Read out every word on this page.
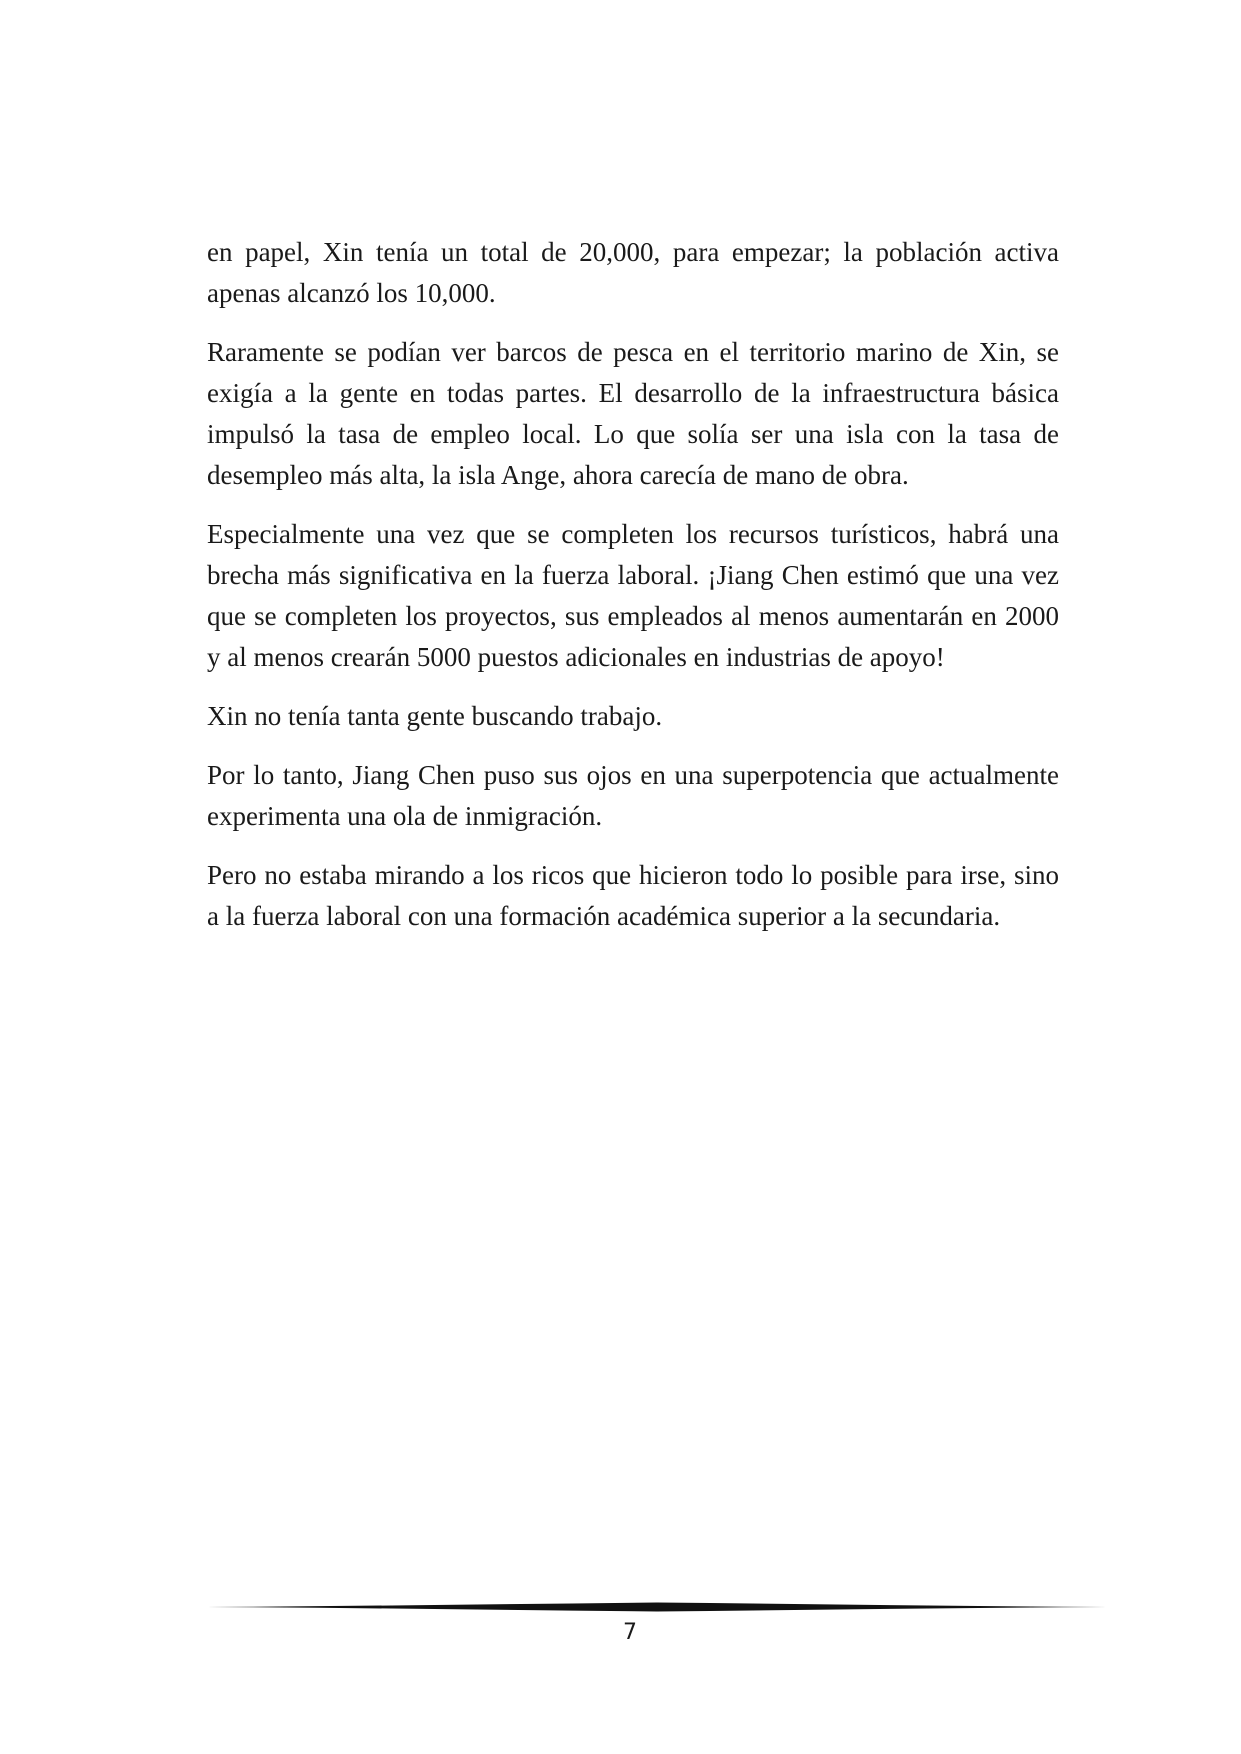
en papel, Xin tenía un total de 20,000, para empezar; la población activa apenas alcanzó los 10,000.

Raramente se podían ver barcos de pesca en el territorio marino de Xin, se exigía a la gente en todas partes. El desarrollo de la infraestructura básica impulsó la tasa de empleo local. Lo que solía ser una isla con la tasa de desempleo más alta, la isla Ange, ahora carecía de mano de obra.

Especialmente una vez que se completen los recursos turísticos, habrá una brecha más significativa en la fuerza laboral. ¡Jiang Chen estimó que una vez que se completen los proyectos, sus empleados al menos aumentarán en 2000 y al menos crearán 5000 puestos adicionales en industrias de apoyo!

Xin no tenía tanta gente buscando trabajo.

Por lo tanto, Jiang Chen puso sus ojos en una superpotencia que actualmente experimenta una ola de inmigración.

Pero no estaba mirando a los ricos que hicieron todo lo posible para irse, sino a la fuerza laboral con una formación académica superior a la secundaria.

7
